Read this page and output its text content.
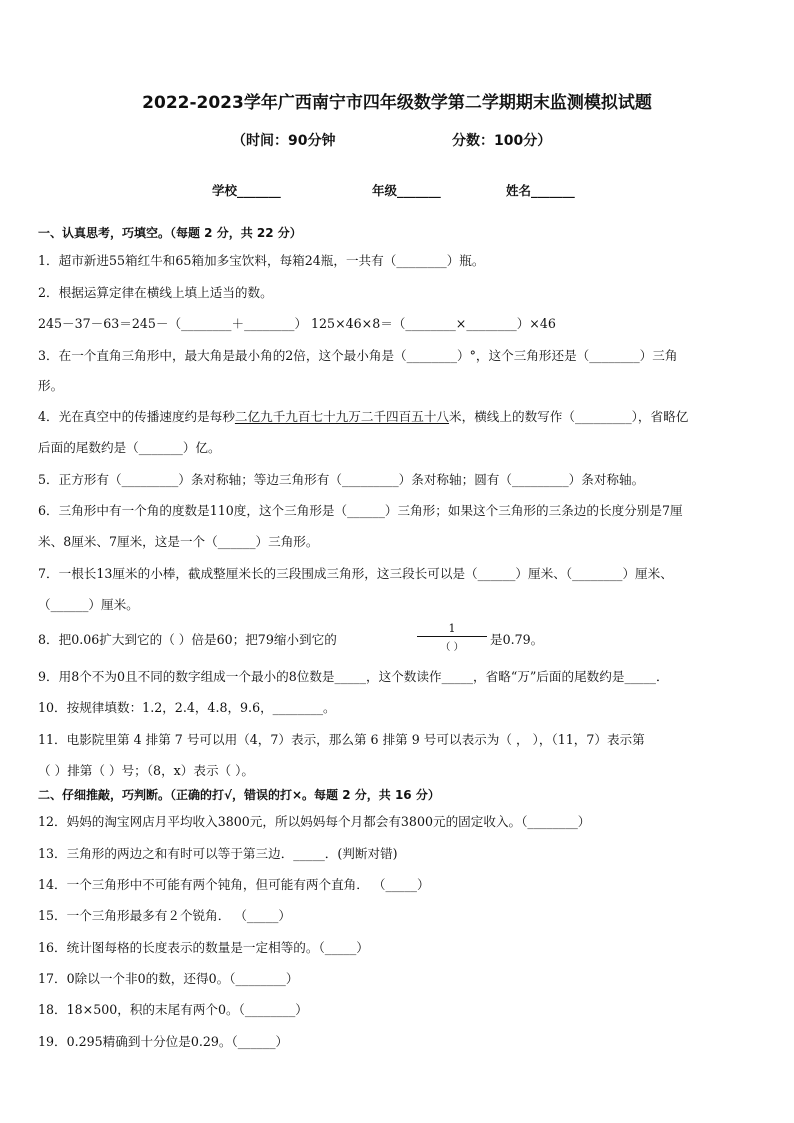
2022-2023学年广西南宁市四年级数学第二学期期末监测模拟试题
（时间：90分钟	分数：100分）
学校_______	年级_______	姓名_______
一、认真思考，巧填空。（每题 2 分，共 22 分）
1．超市新进55箱红牛和65箱加多宝饮料，每箱24瓶，一共有（________）瓶。
2．根据运算定律在横线上填上适当的数。
245－37－63＝245－（________＋________） 125×46×8＝（________×________）×46
3．在一个直角三角形中，最大角是最小角的2倍，这个最小角是（________）°，这个三角形还是（________）三角
形。
4．光在真空中的传播速度约是每秒二亿九千九百七十九万二千四百五十八米，横线上的数写作（_________），省略亿
后面的尾数约是（_______）亿。
5．正方形有（_________）条对称轴；等边三角形有（_________）条对称轴；圆有（_________）条对称轴。
6．三角形中有一个角的度数是110度，这个三角形是（______）三角形；如果这个三角形的三条边的长度分别是7厘
米、8厘米、7厘米，这是一个（______）三角形。
7．一根长13厘米的小棒，截成整厘米长的三段围成三角形，这三段长可以是（______）厘米、（________）厘米、
（______）厘米。
8．把0.06扩大到它的（ ）倍是60；把79缩小到它的
1
（ ）
是0.79。
9．用8个不为0且不同的数字组成一个最小的8位数是_____，这个数读作_____，省略“万”后面的尾数约是_____．
10．按规律填数：1.2，2.4，4.8，9.6，________。
11．电影院里第 4 排第 7 号可以用（4，7）表示，那么第 6 排第 9 号可以表示为（ ， ），（11，7）表示第
（ ）排第（ ）号；（8，x）表示（ ）。
二、仔细推敲，巧判断。（正确的打√，错误的打×。每题 2 分，共 16 分）
12．妈妈的淘宝网店月平均收入3800元，所以妈妈每个月都会有3800元的固定收入。（________）
13．三角形的两边之和有时可以等于第三边．_____．(判断对错)
14．一个三角形中不可能有两个钝角，但可能有两个直角． （_____）
15．一个三角形最多有２个锐角． （_____）
16．统计图每格的长度表示的数量是一定相等的。（_____）
17．0除以一个非0的数，还得0。（________）
18．18×500，积的末尾有两个0。（________）
19．0.295精确到十分位是0.29。（______）
